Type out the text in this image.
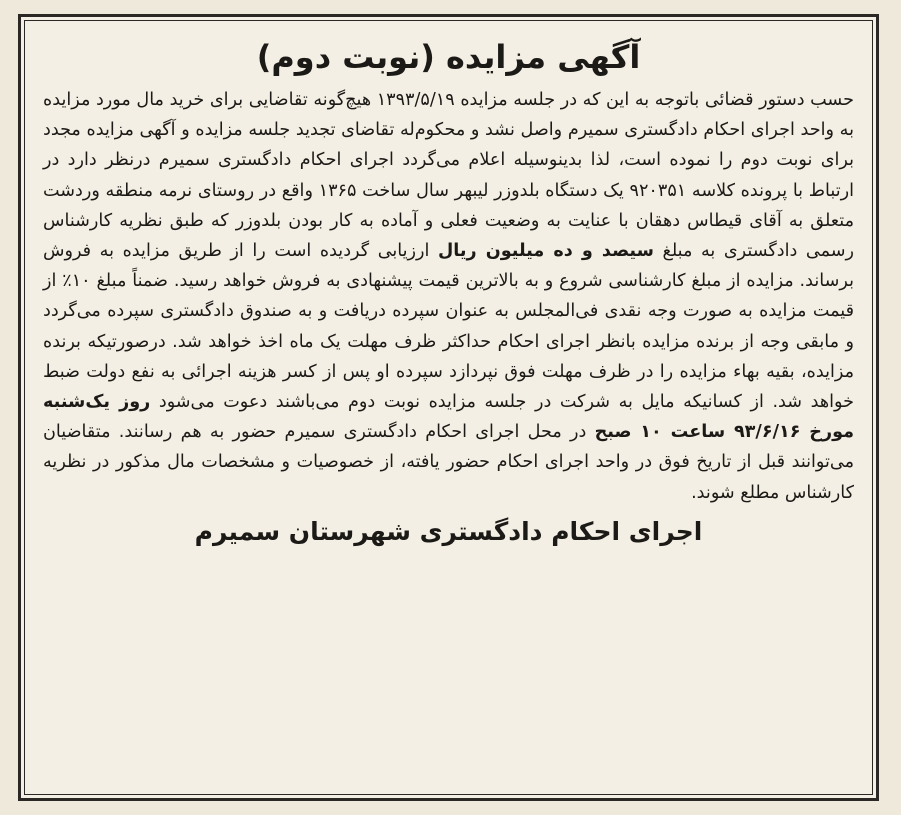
آگهی مزایده (نوبت دوم)

حسب دستور قضائی باتوجه به این که در جلسه مزایده ۱۳۹۳/۵/۱۹ هیچ‌گونه تقاضایی برای خرید مال مورد مزایده به واحد اجرای احکام دادگستری سمیرم واصل نشد و محکوم‌له تقاضای تجدید جلسه مزایده و آگهی مزایده مجدد برای نوبت دوم را نموده است، لذا بدینوسیله اعلام می‌گردد اجرای احکام دادگستری سمیرم درنظر دارد در ارتباط با پرونده کلاسه ۹۲۰۳۵۱ یک دستگاه بلدوزر لیبهر سال ساخت ۱۳۶۵ واقع در روستای نرمه منطقه وردشت متعلق به آقای قیطاس دهقان با عنایت به وضعیت فعلی و آماده به کار بودن بلدوزر که طبق نظریه کارشناس رسمی دادگستری به مبلغ سیصد و ده میلیون ریال ارزیابی گردیده است را از طریق مزایده به فروش برساند. مزایده از مبلغ کارشناسی شروع و به بالاترین قیمت پیشنهادی به فروش خواهد رسید. ضمناً مبلغ ۱۰٪ از قیمت مزایده به صورت وجه نقدی فی‌المجلس به عنوان سپرده دریافت و به صندوق دادگستری سپرده می‌گردد و مابقی وجه از برنده مزایده بانظر اجرای احکام حداکثر ظرف مهلت یک ماه اخذ خواهد شد. درصورتیکه برنده مزایده، بقیه بهاء مزایده را در ظرف مهلت فوق نپردازد سپرده او پس از کسر هزینه اجرائی به نفع دولت ضبط خواهد شد. از کسانیکه مایل به شرکت در جلسه مزایده نوبت دوم می‌باشند دعوت می‌شود روز یک‌شنبه مورخ ۹۳/۶/۱۶ ساعت ۱۰ صبح در محل اجرای احکام دادگستری سمیرم حضور به هم رسانند. متقاضیان می‌توانند قبل از تاریخ فوق در واحد اجرای احکام حضور یافته، از خصوصیات و مشخصات مال مذکور در نظریه کارشناس مطلع شوند.

اجرای احکام دادگستری شهرستان سمیرم
